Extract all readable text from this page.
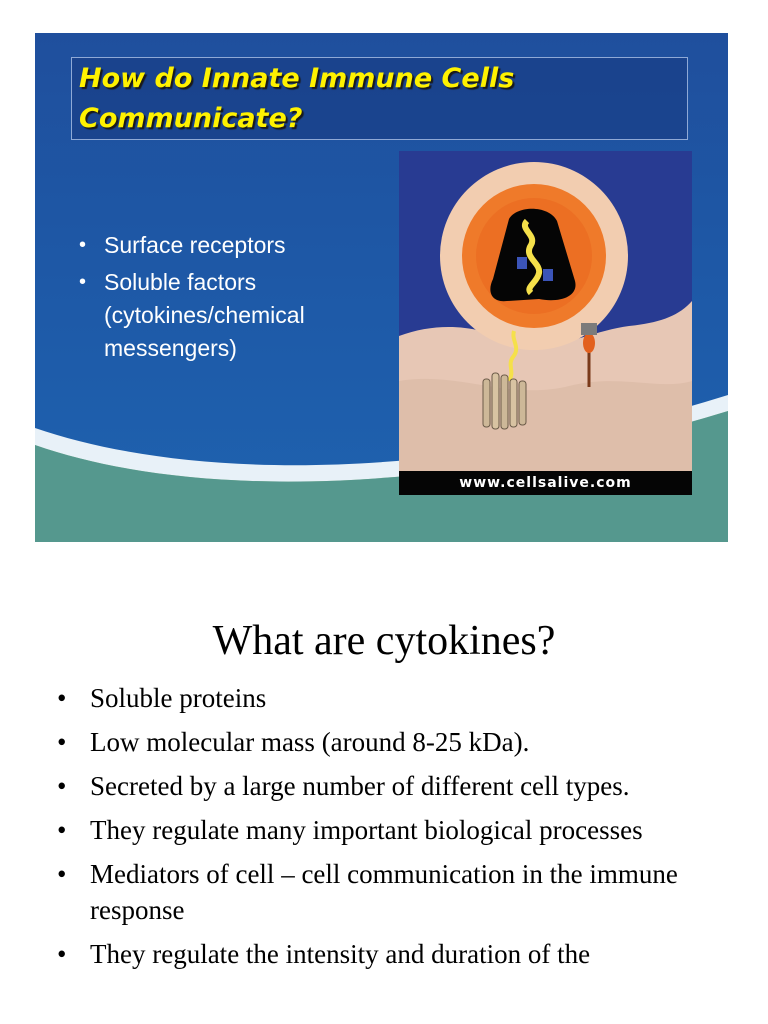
How do Innate Immune Cells Communicate?
• Surface receptors
• Soluble factors (cytokines/chemical messengers)
www.cellsalive.com
What are cytokines?
• Soluble proteins
• Low molecular mass (around 8-25 kDa).
• Secreted by a large number of different cell types.
• They regulate many important biological processes
• Mediators of cell – cell communication in the immune response
• They regulate the intensity and duration of the
